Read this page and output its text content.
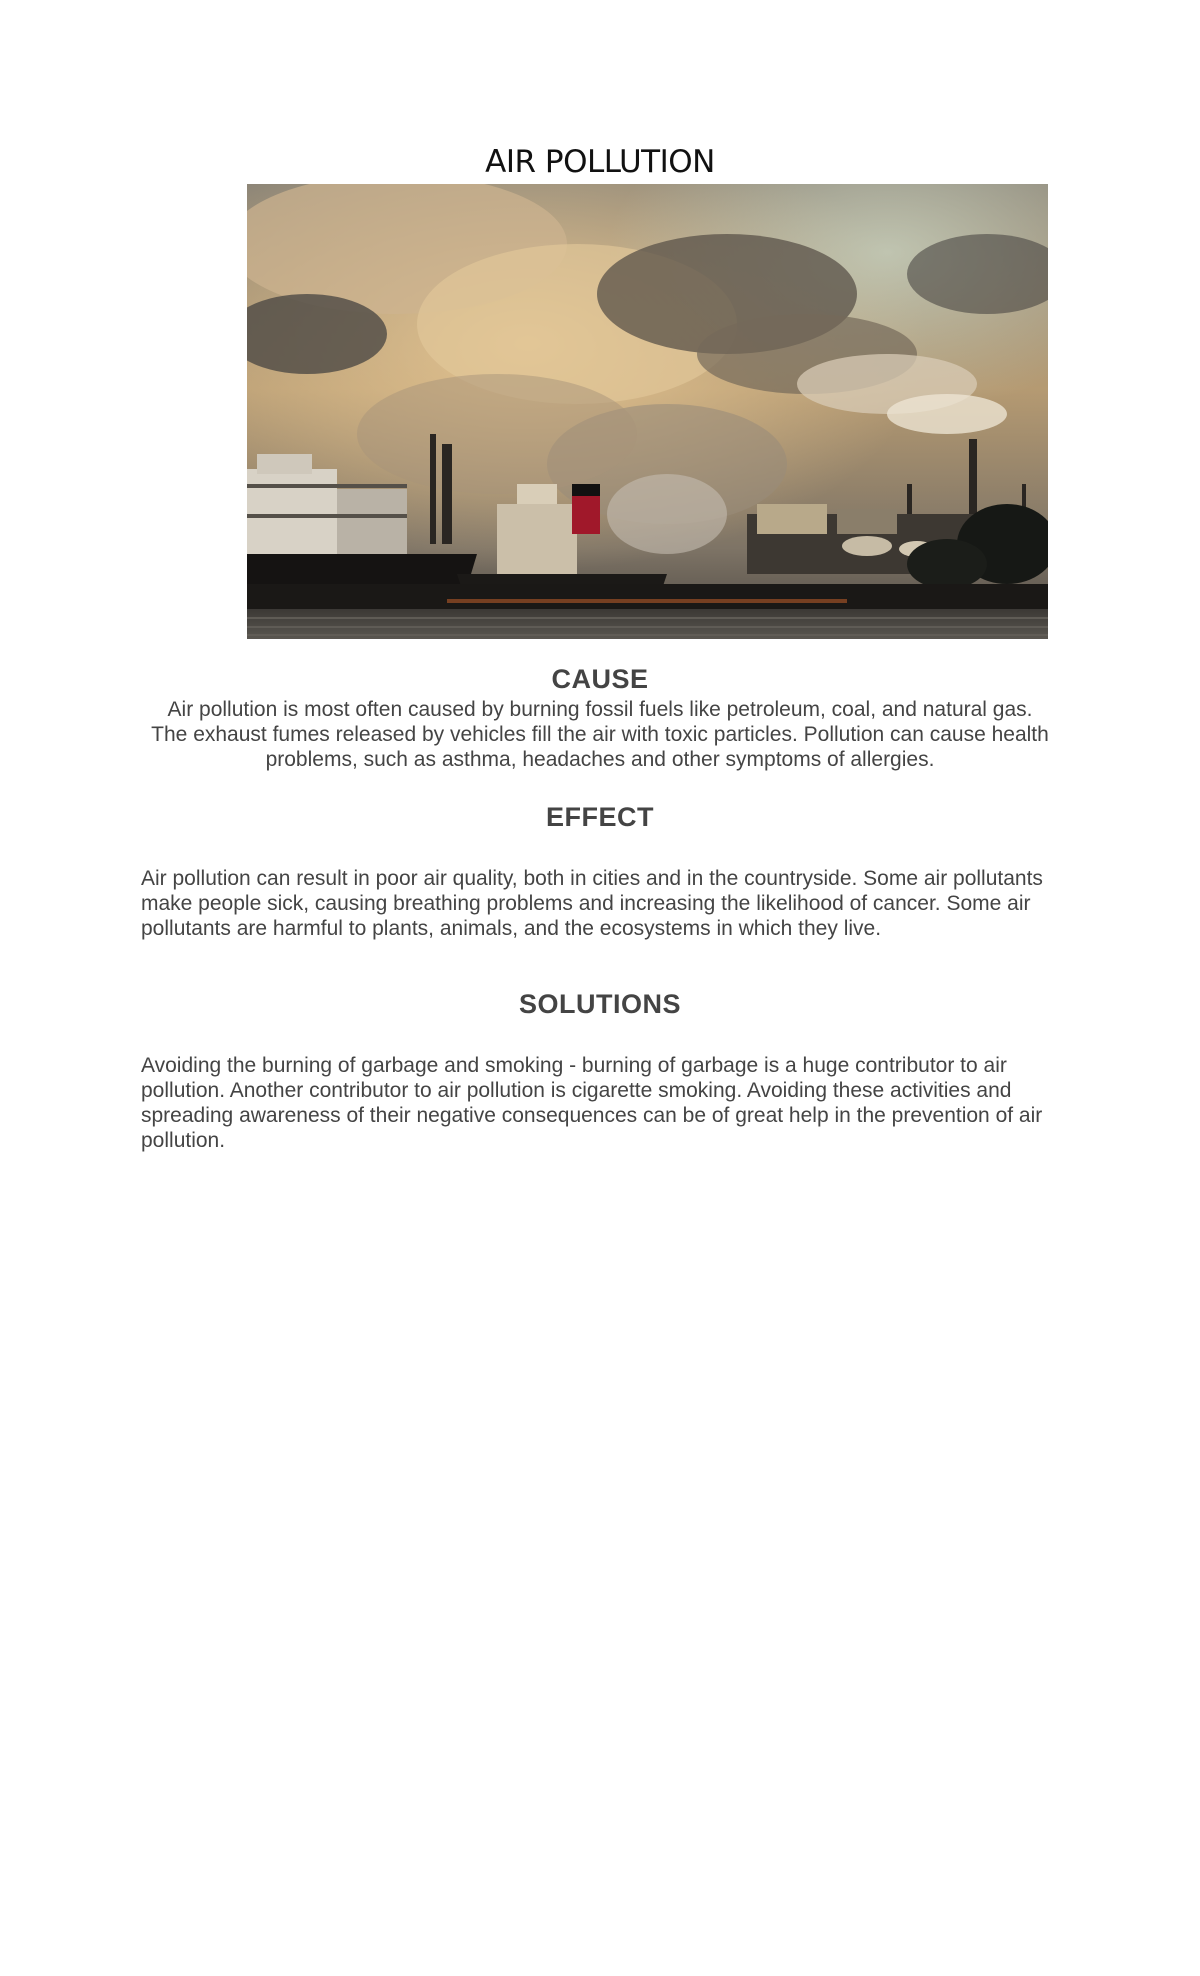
AIR POLLUTION
CAUSE

Air pollution is most often caused by burning fossil fuels like petroleum, coal, and natural gas. The exhaust fumes released by vehicles fill the air with toxic particles. Pollution can cause health problems, such as asthma, headaches and other symptoms of allergies.

EFFECT

Air pollution can result in poor air quality, both in cities and in the countryside. Some air pollutants make people sick, causing breathing problems and increasing the likelihood of cancer. Some air pollutants are harmful to plants, animals, and the ecosystems in which they live.

SOLUTIONS

Avoiding the burning of garbage and smoking - burning of garbage is a huge contributor to air pollution. Another contributor to air pollution is cigarette smoking. Avoiding these activities and spreading awareness of their negative consequences can be of great help in the prevention of air pollution.
